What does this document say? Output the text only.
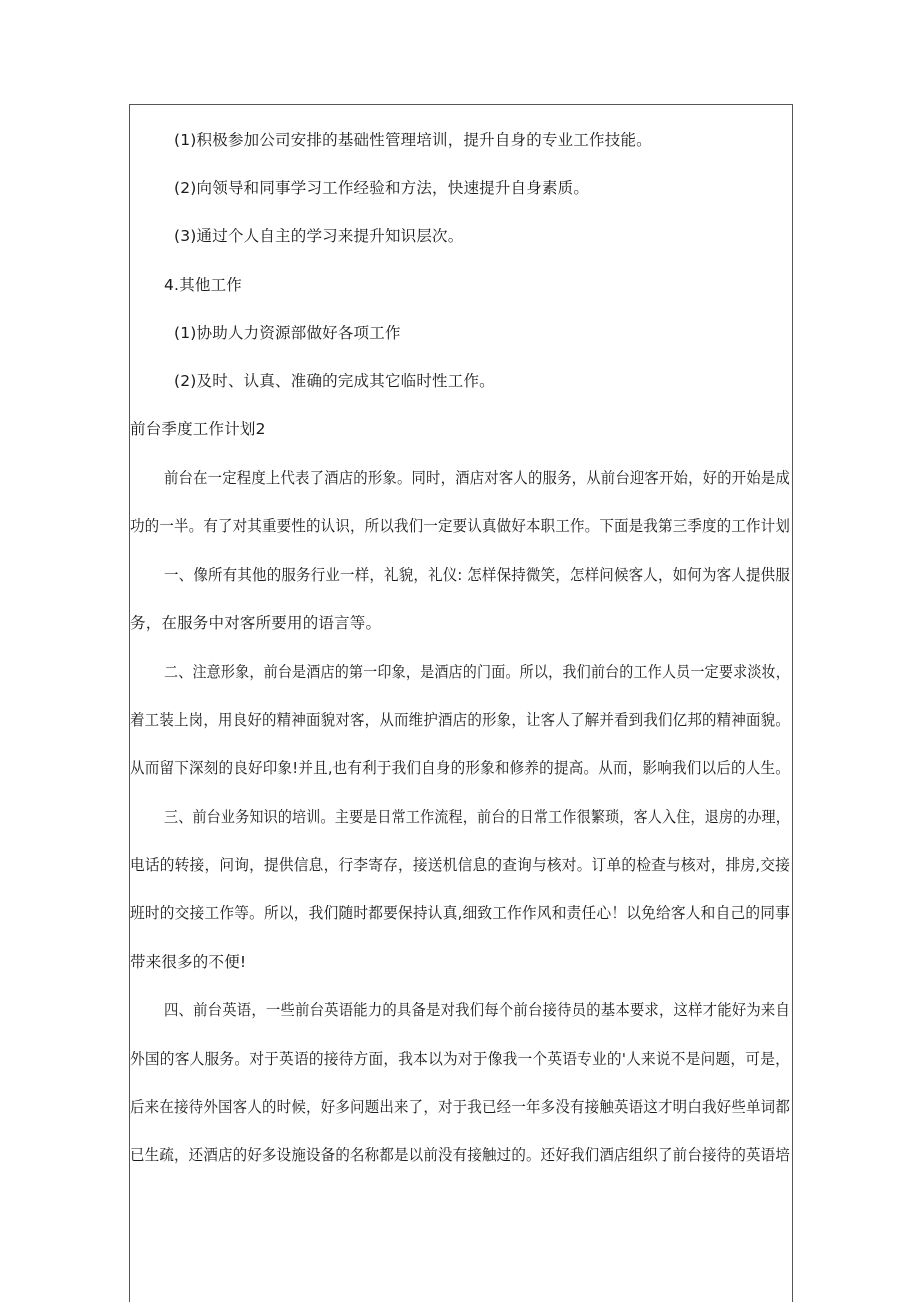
(1)积极参加公司安排的基础性管理培训，提升自身的专业工作技能。
(2)向领导和同事学习工作经验和方法，快速提升自身素质。
(3)通过个人自主的学习来提升知识层次。
4.其他工作
(1)协助人力资源部做好各项工作
(2)及时、认真、准确的完成其它临时性工作。
前台季度工作计划2
前台在一定程度上代表了酒店的形象。同时，酒店对客人的服务，从前台迎客开始，好的开始是成
功的一半。有了对其重要性的认识，所以我们一定要认真做好本职工作。下面是我第三季度的工作计划
一、像所有其他的服务行业一样，礼貌，礼仪: 怎样保持微笑，怎样问候客人，如何为客人提供服
务，在服务中对客所要用的语言等。
二、注意形象，前台是酒店的第一印象，是酒店的门面。所以，我们前台的工作人员一定要求淡妆，
着工装上岗，用良好的精神面貌对客，从而维护酒店的形象，让客人了解并看到我们亿邦的精神面貌。
从而留下深刻的良好印象!并且,也有利于我们自身的形象和修养的提高。从而，影响我们以后的人生。
三、前台业务知识的培训。主要是日常工作流程，前台的日常工作很繁琐，客人入住，退房的办理，
电话的转接，问询，提供信息，行李寄存，接送机信息的查询与核对。订单的检查与核对，排房,交接
班时的交接工作等。所以，我们随时都要保持认真,细致工作作风和责任心！以免给客人和自己的同事
带来很多的不便!
四、前台英语，一些前台英语能力的具备是对我们每个前台接待员的基本要求，这样才能好为来自
外国的客人服务。对于英语的接待方面，我本以为对于像我一个英语专业的'人来说不是问题，可是，
后来在接待外国客人的时候，好多问题出来了，对于我已经一年多没有接触英语这才明白我好些单词都
已生疏，还酒店的好多设施设备的名称都是以前没有接触过的。还好我们酒店组织了前台接待的英语培
